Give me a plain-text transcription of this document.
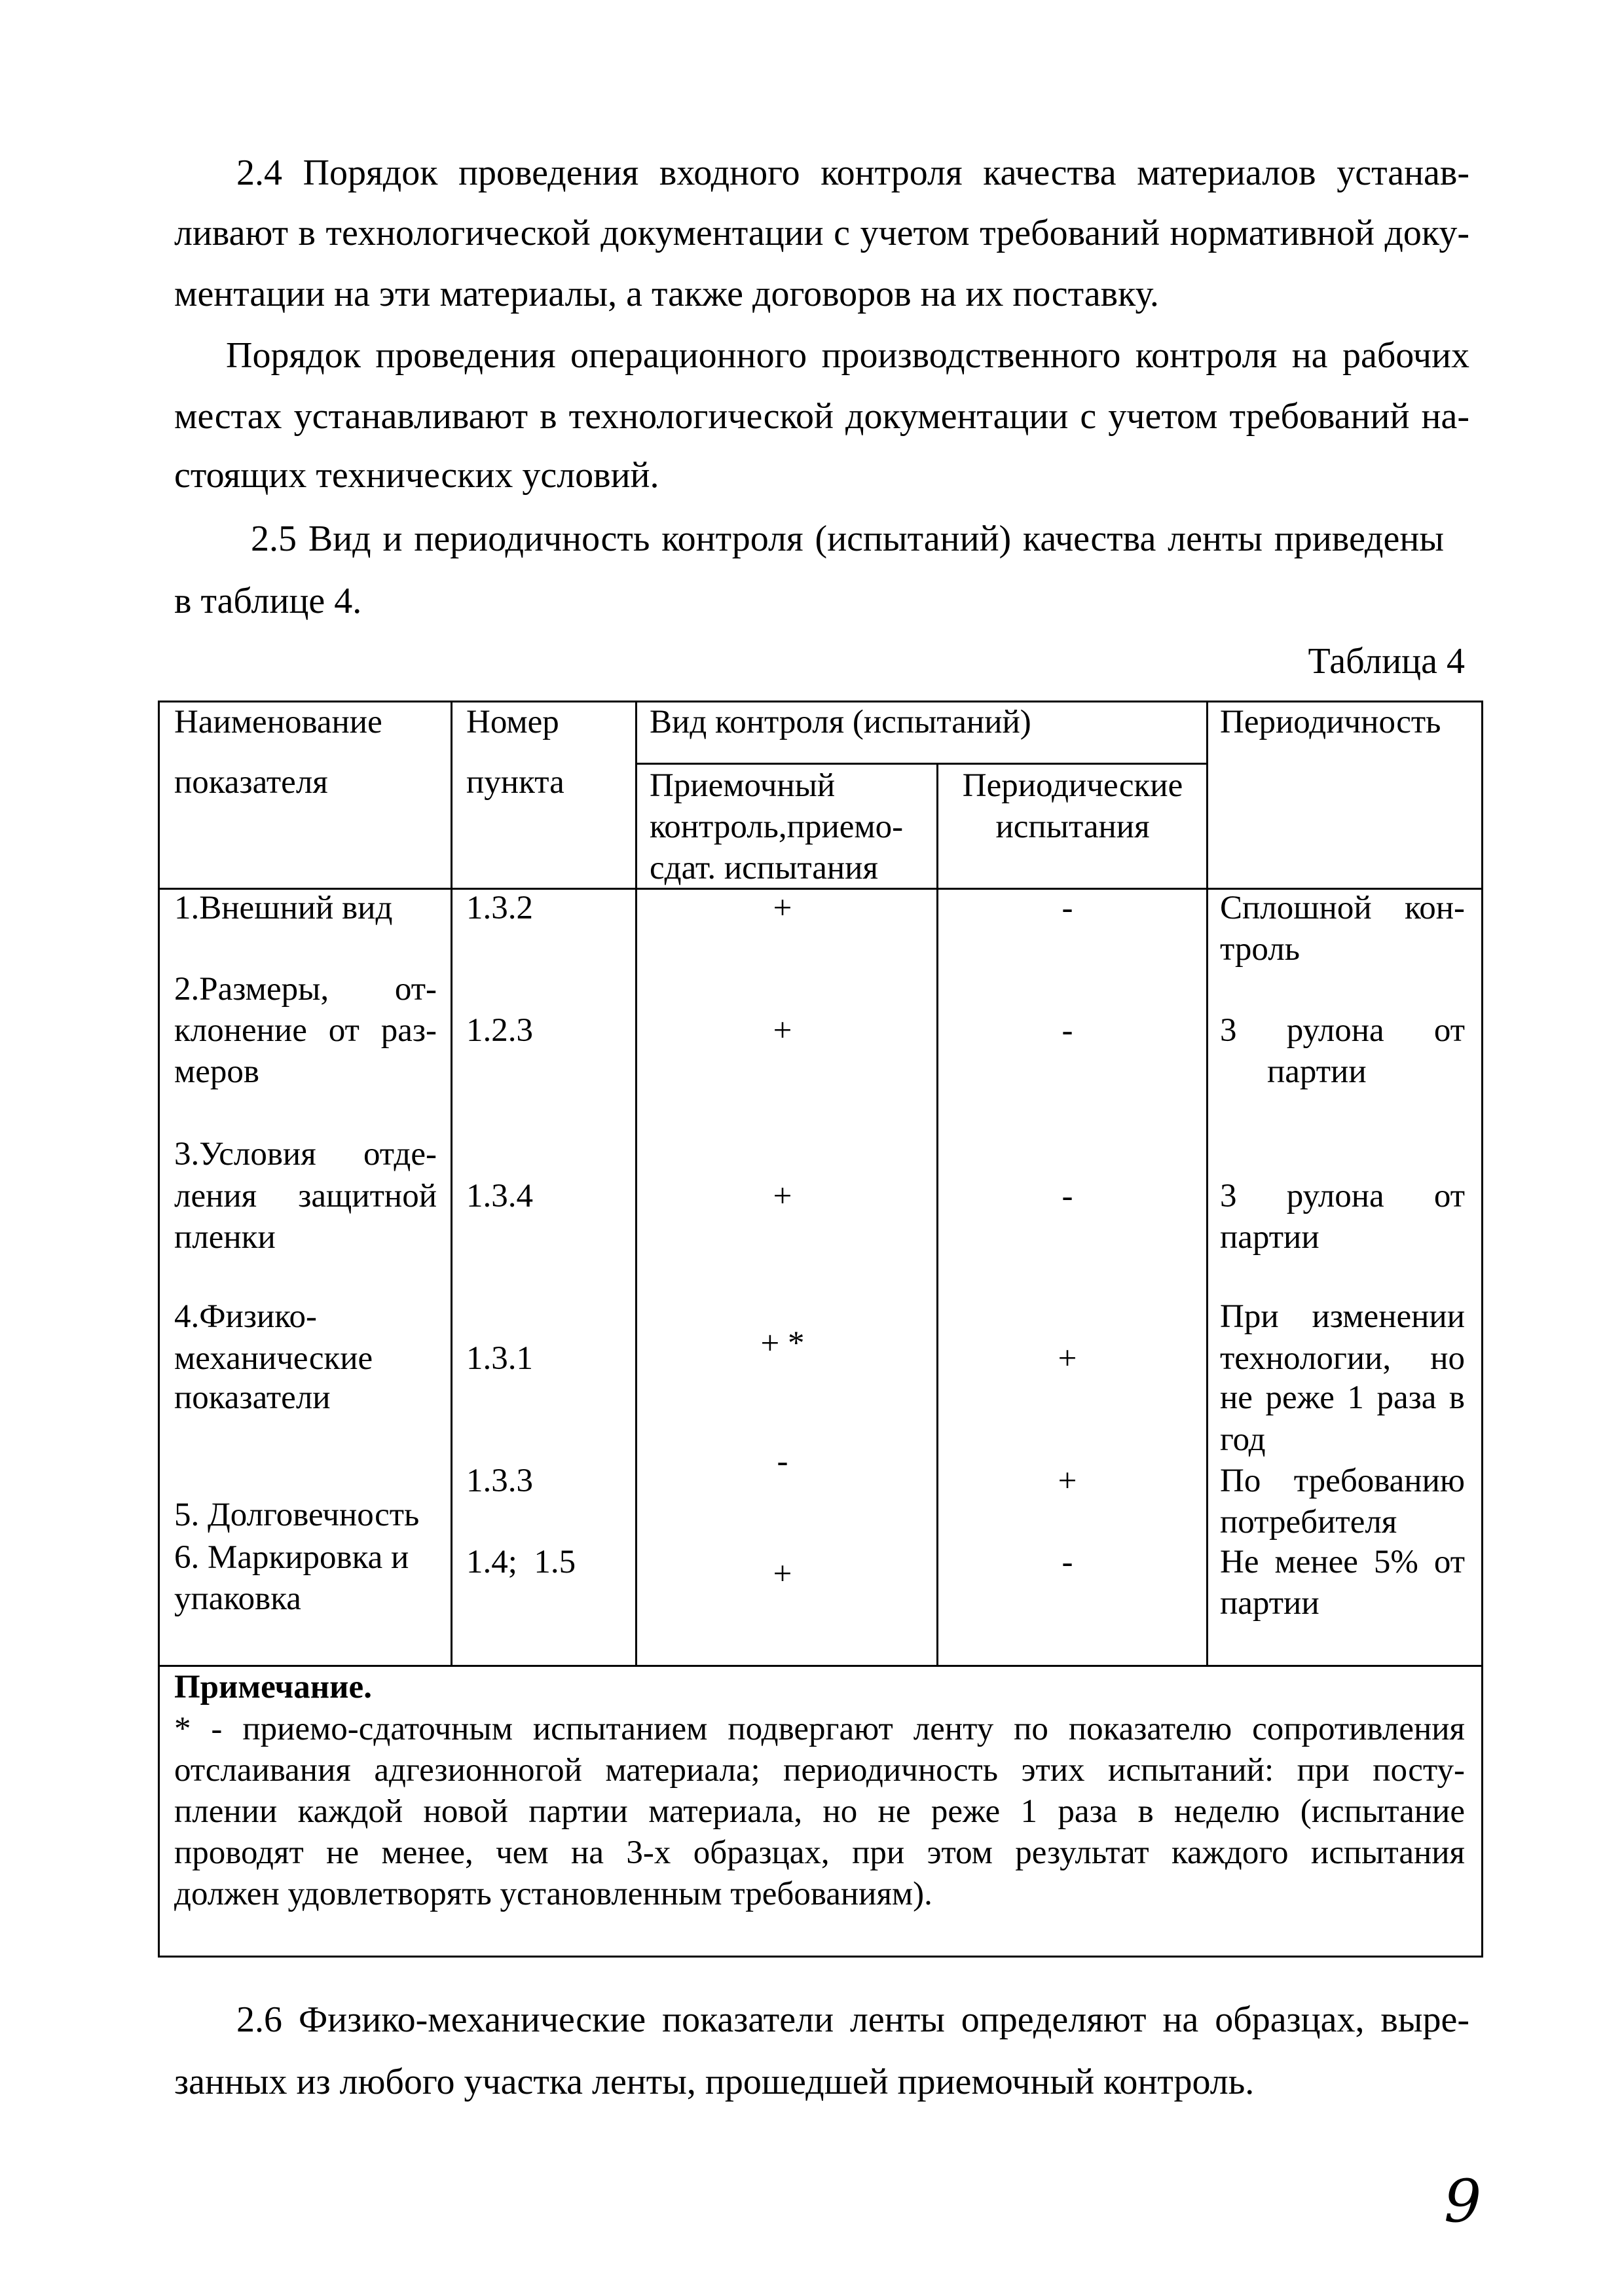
2.4 Порядок проведения входного контроля качества материалов устанав-
ливают в технологической документации с учетом требований нормативной доку-
ментации на эти материалы, а также договоров на их поставку.
Порядок проведения операционного производственного контроля на рабочих
местах устанавливают в технологической документации с учетом требований на-
стоящих технических условий.
2.5 Вид и периодичность контроля (испытаний) качества ленты приведены
в таблице 4.
Таблица 4
Наименование
показателя
Номер
пункта
Вид контроля (испытаний)	Периодичность
Приемочный
контроль,приемо-
сдат. испытания
Периодические
испытания
1.Внешний вид
2.Размеры, от-
клонение от раз-
меров
3.Условия отде-
ления защитной
пленки
4.Физико-
механические
показатели
5. Долговечность
6. Маркировка и
упаковка
1.3.2
1.2.3
1.3.4
1.3.1
1.3.3
1.4;  1.5
+
+
+
+ *
-
+
-
-
-
+
+
-
Сплошной кон-
троль
3 рулона от
партии
3 рулона от
партии
При изменении
технологии, но
не реже 1 раза в
год
По требованию
потребителя
Не менее 5% от
партии
Примечание.
* - приемо-сдаточным испытанием подвергают ленту по показателю сопротивления
отслаивания адгезионногой материала; периодичность этих испытаний: при посту-
плении каждой новой партии материала, но не реже 1 раза в неделю (испытание
проводят не менее, чем на 3-х образцах, при этом результат каждого испытания
должен удовлетворять установленным требованиям).
2.6 Физико-механические показатели ленты определяют на образцах, выре-
занных из любого участка ленты, прошедшей приемочный контроль.
9
